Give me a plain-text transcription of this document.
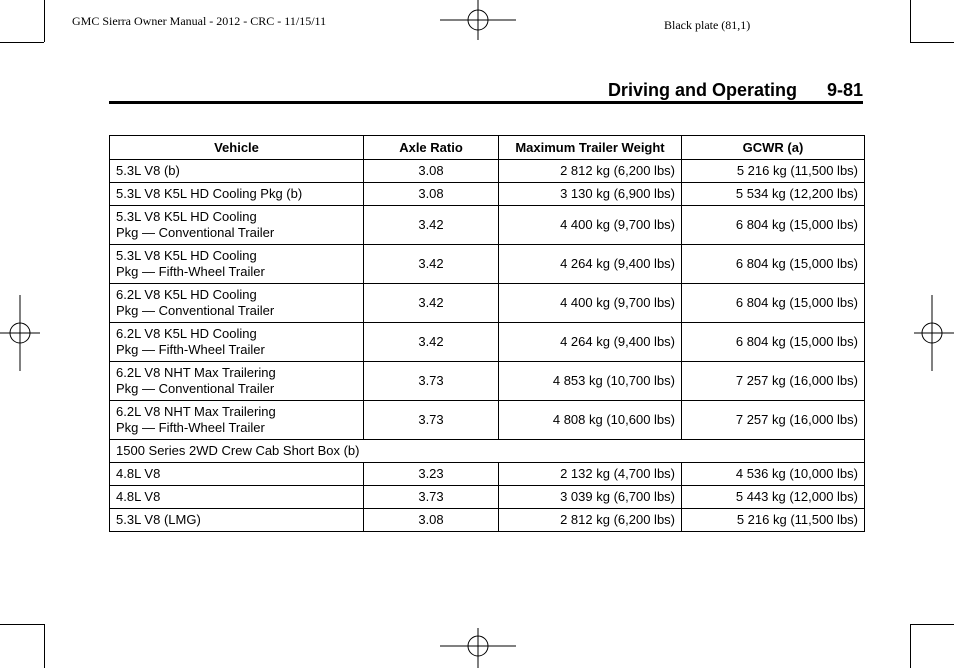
GMC Sierra Owner Manual - 2012 - CRC - 11/15/11	Black plate (81,1)
Driving and Operating 9-81
Vehicle	Axle Ratio	Maximum Trailer Weight	GCWR (a)
5.3L V8 (b)	3.08	2 812 kg (6,200 lbs)	5 216 kg (11,500 lbs)
5.3L V8 K5L HD Cooling Pkg (b)	3.08	3 130 kg (6,900 lbs)	5 534 kg (12,200 lbs)
5.3L V8 K5L HD Cooling
Pkg — Conventional Trailer	3.42	4 400 kg (9,700 lbs)	6 804 kg (15,000 lbs)
5.3L V8 K5L HD Cooling
Pkg — Fifth-Wheel Trailer	3.42	4 264 kg (9,400 lbs)	6 804 kg (15,000 lbs)
6.2L V8 K5L HD Cooling
Pkg — Conventional Trailer	3.42	4 400 kg (9,700 lbs)	6 804 kg (15,000 lbs)
6.2L V8 K5L HD Cooling
Pkg — Fifth-Wheel Trailer	3.42	4 264 kg (9,400 lbs)	6 804 kg (15,000 lbs)
6.2L V8 NHT Max Trailering
Pkg — Conventional Trailer	3.73	4 853 kg (10,700 lbs)	7 257 kg (16,000 lbs)
6.2L V8 NHT Max Trailering
Pkg — Fifth-Wheel Trailer	3.73	4 808 kg (10,600 lbs)	7 257 kg (16,000 lbs)
1500 Series 2WD Crew Cab Short Box (b)			
4.8L V8	3.23	2 132 kg (4,700 lbs)	4 536 kg (10,000 lbs)
4.8L V8	3.73	3 039 kg (6,700 lbs)	5 443 kg (12,000 lbs)
5.3L V8 (LMG)	3.08	2 812 kg (6,200 lbs)	5 216 kg (11,500 lbs)
